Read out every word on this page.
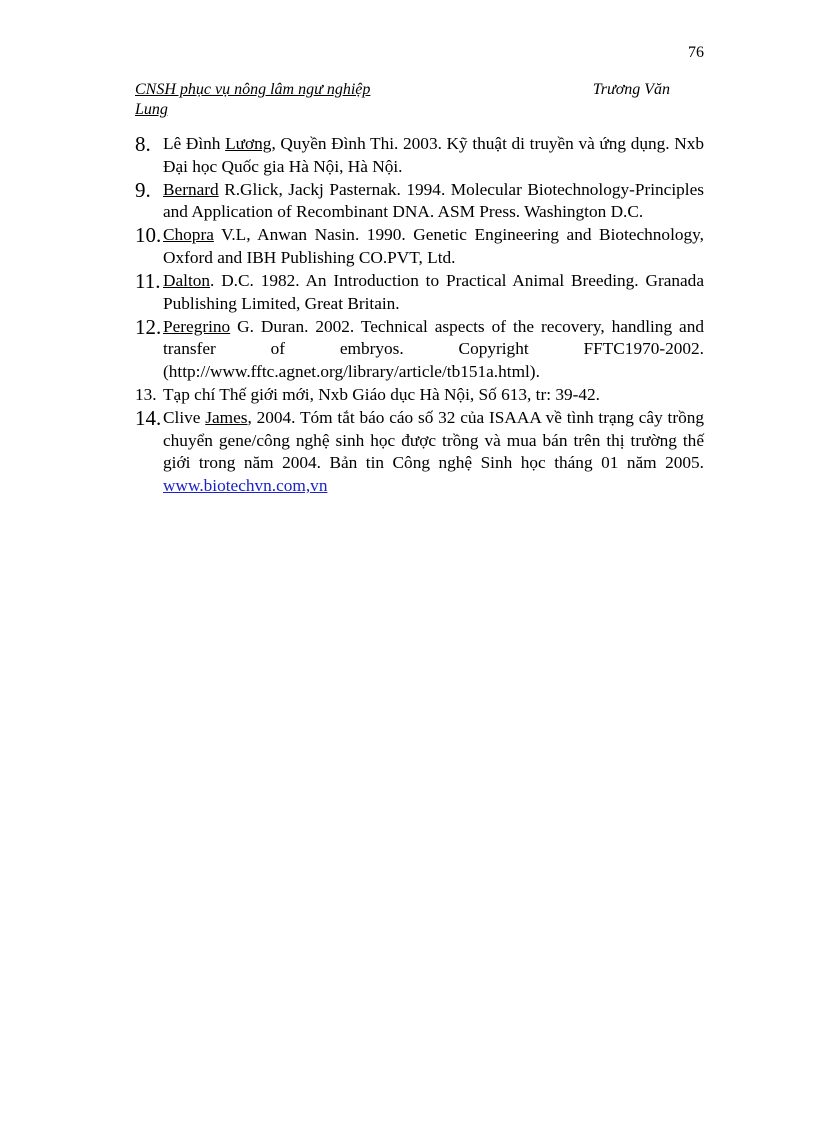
76
CNSH phục vụ nông lâm ngư nghiệp	Trương Văn
Lung
8. Lê Đình Lương, Quyền Đình Thi. 2003. Kỹ thuật di truyền và ứng dụng. Nxb Đại học Quốc gia Hà Nội, Hà Nội.
9. Bernard R.Glick, Jackj Pasternak. 1994. Molecular Biotechnology-Principles and Application of Recombinant DNA. ASM Press. Washington D.C.
10. Chopra V.L, Anwan Nasin. 1990. Genetic Engineering and Biotechnology, Oxford and IBH Publishing CO.PVT, Ltd.
11. Dalton. D.C. 1982. An Introduction to Practical Animal Breeding. Granada Publishing Limited, Great Britain.
12. Peregrino G. Duran. 2002. Technical aspects of the recovery, handling and transfer of embryos. Copyright FFTC1970-2002. (http://www.fftc.agnet.org/library/article/tb151a.html).
13. Tạp chí Thế giới mới, Nxb Giáo dục Hà Nội, Số 613, tr: 39-42.
14. Clive James, 2004. Tóm tắt báo cáo số 32 của ISAAA về tình trạng cây trồng chuyển gene/công nghệ sinh học được trồng và mua bán trên thị trường thế giới trong năm 2004. Bản tin Công nghệ Sinh học tháng 01 năm 2005. www.biotechvn.com,vn
